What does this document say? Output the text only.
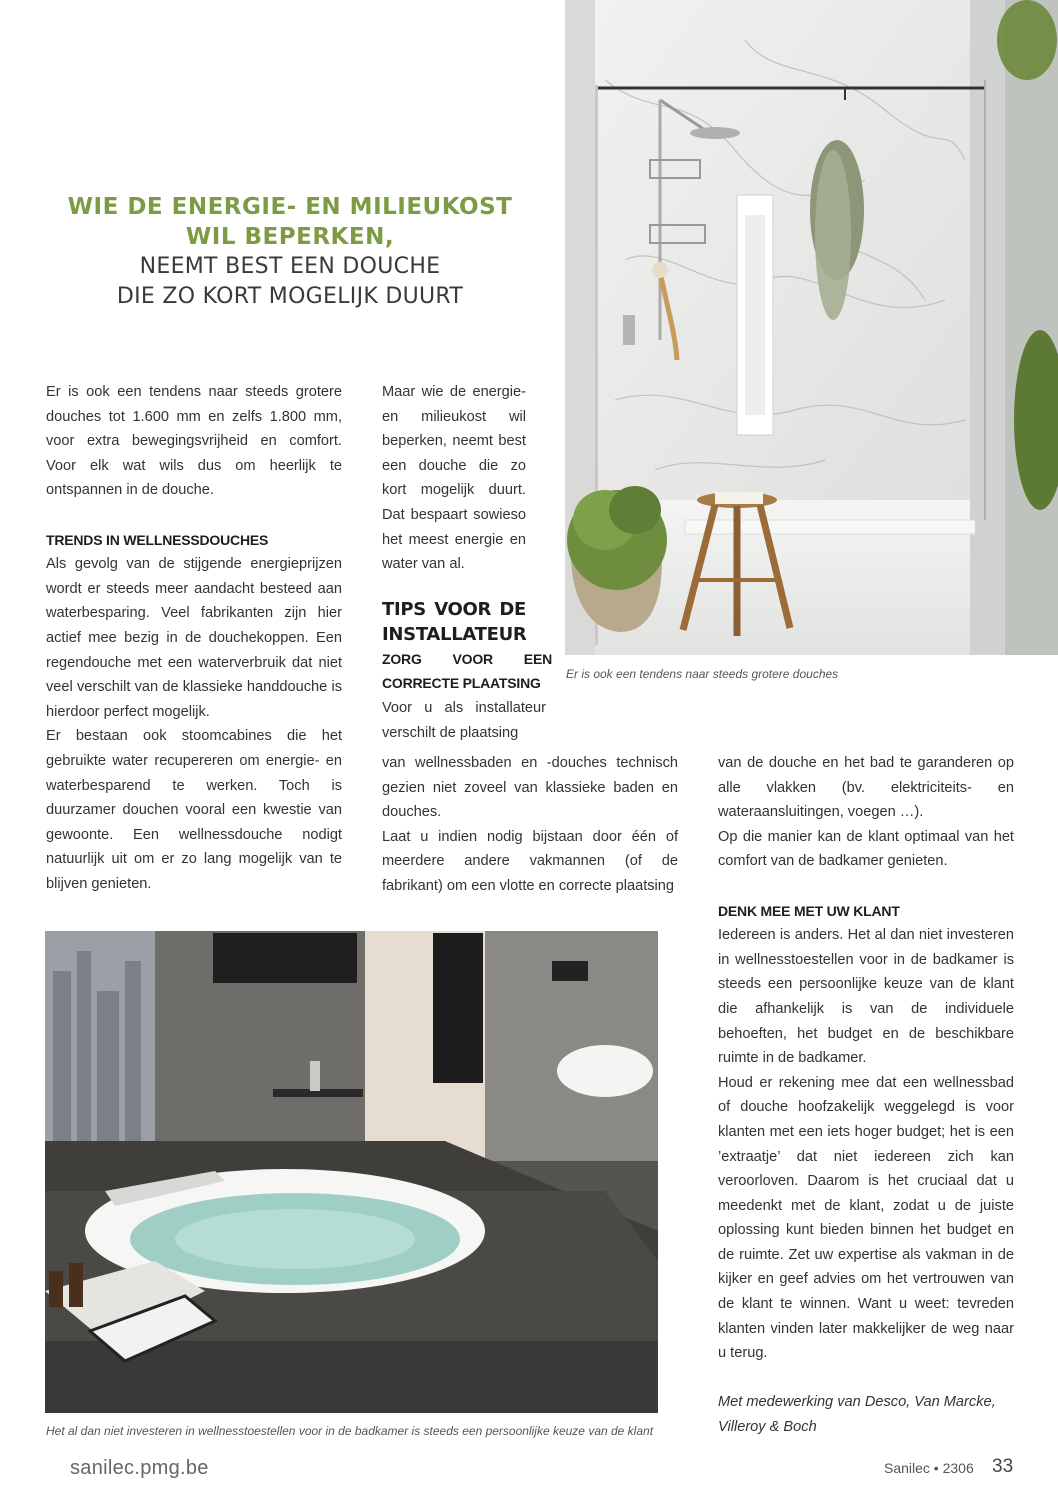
WIE DE ENERGIE- EN MILIEUKOST
WIL BEPERKEN,
NEEMT BEST EEN DOUCHE
DIE ZO KORT MOGELIJK DUURT
Er is ook een tendens naar steeds grotere douches

Er is ook een tendens naar steeds grotere douches tot 1.600 mm en zelfs 1.800 mm, voor extra bewegingsvrijheid en comfort. Voor elk wat wils dus om heerlijk te ontspannen in de douche.

TRENDS IN WELLNESSDOUCHES

Als gevolg van de stijgende energieprijzen wordt er steeds meer aandacht besteed aan waterbesparing. Veel fabrikanten zijn hier actief mee bezig in de douchekoppen. Een regendouche met een waterverbruik dat niet veel verschilt van de klassieke handdouche is hierdoor perfect mogelijk.

Er bestaan ook stoomcabines die het gebruikte water recupereren om energie- en waterbesparend te werken. Toch is duurzamer douchen vooral een kwestie van gewoonte. Een wellnessdouche nodigt natuurlijk uit om er zo lang mogelijk van te blijven genieten.

Maar wie de energie- en milieukost wil beperken, neemt best een douche die zo kort mogelijk duurt. Dat bespaart sowieso het meest energie en water van al.

TIPS VOOR DE INSTALLATEUR

ZORG VOOR EEN CORRECTE PLAATSING

Voor u als installateur verschilt de plaatsing

van wellnessbaden en -douches technisch gezien niet zoveel van klassieke baden en douches.

Laat u indien nodig bijstaan door één of meerdere andere vakmannen (of de fabrikant) om een vlotte en correcte plaatsing

van de douche en het bad te garanderen op alle vlakken (bv. elektriciteits- en wateraansluitingen, voegen …).

Op die manier kan de klant optimaal van het comfort van de badkamer genieten.

DENK MEE MET UW KLANT

Iedereen is anders. Het al dan niet investeren in wellnesstoestellen voor in de badkamer is steeds een persoonlijke keuze van de klant die afhankelijk is van de individuele behoeften, het budget en de beschikbare ruimte in de badkamer.

Houd er rekening mee dat een wellnessbad of douche hoofzakelijk weggelegd is voor klanten met een iets hoger budget; het is een ’extraatje’ dat niet iedereen zich kan veroorloven. Daarom is het cruciaal dat u meedenkt met de klant, zodat u de juiste oplossing kunt bieden binnen het budget en de ruimte. Zet uw expertise als vakman in de kijker en geef advies om het vertrouwen van de klant te winnen. Want u weet: tevreden klanten vinden later makkelijker de weg naar u terug.

Met medewerking van Desco, Van Marcke, Villeroy & Boch

Het al dan niet investeren in wellnesstoestellen voor in de badkamer is steeds een persoonlijke keuze van de klant
sanilec.pmg.be	Sanilec • 2306 33
